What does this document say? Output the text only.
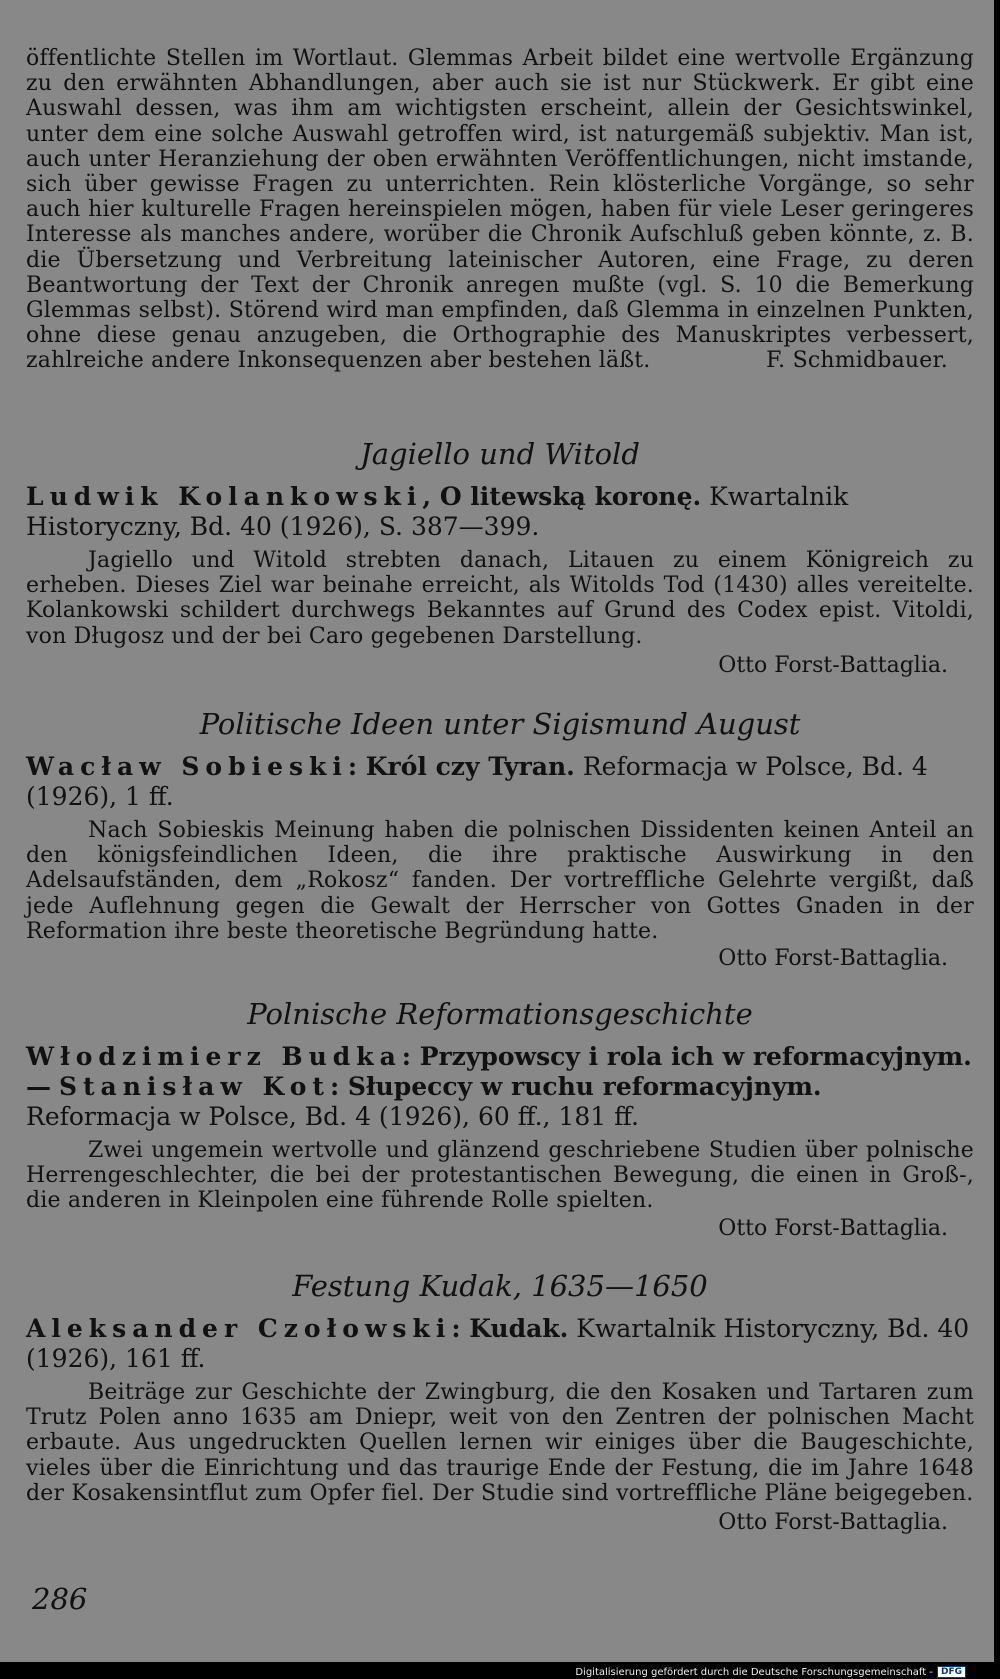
öffentlichte Stellen im Wortlaut. Glemmas Arbeit bildet eine wertvolle Ergänzung zu den erwähnten Abhandlungen, aber auch sie ist nur Stückwerk. Er gibt eine Auswahl dessen, was ihm am wichtigsten erscheint, allein der Gesichtswinkel, unter dem eine solche Auswahl getroffen wird, ist naturgemäß subjektiv. Man ist, auch unter Heranziehung der oben erwähnten Veröffentlichungen, nicht imstande, sich über gewisse Fragen zu unterrichten. Rein klösterliche Vorgänge, so sehr auch hier kulturelle Fragen hereinspielen mögen, haben für viele Leser geringeres Interesse als manches andere, worüber die Chronik Aufschluß geben könnte, z. B. die Übersetzung und Verbreitung lateinischer Autoren, eine Frage, zu deren Beantwortung der Text der Chronik anregen mußte (vgl. S. 10 die Bemerkung Glemmas selbst). Störend wird man empfinden, daß Glemma in einzelnen Punkten, ohne diese genau anzugeben, die Orthographie des Manuskriptes verbessert, zahlreiche andere Inkonsequenzen aber bestehen läßt.	F. Schmidbauer.
Jagiello und Witold
Ludwik Kolankowski, O litewską koronę. Kwartalnik Historyczny, Bd. 40 (1926), S. 387—399.
Jagiello und Witold strebten danach, Litauen zu einem Königreich zu erheben. Dieses Ziel war beinahe erreicht, als Witolds Tod (1430) alles vereitelte. Kolankowski schildert durchwegs Bekanntes auf Grund des Codex epist. Vitoldi, von Długosz und der bei Caro gegebenen Darstellung.
Otto Forst-Battaglia.
Politische Ideen unter Sigismund August
Wacław Sobieski: Król czy Tyran. Reformacja w Polsce, Bd. 4 (1926), 1 ff.
Nach Sobieskis Meinung haben die polnischen Dissidenten keinen Anteil an den königsfeindlichen Ideen, die ihre praktische Auswirkung in den Adelsaufständen, dem „Rokosz“ fanden. Der vortreffliche Gelehrte vergißt, daß jede Auflehnung gegen die Gewalt der Herrscher von Gottes Gnaden in der Reformation ihre beste theoretische Begründung hatte.
Otto Forst-Battaglia.
Polnische Reformationsgeschichte
Włodzimierz Budka: Przypowscy i rola ich w reformacyjnym. — Stanisław Kot: Słupeccy w ruchu reformacyjnym. Reformacja w Polsce, Bd. 4 (1926), 60 ff., 181 ff.
Zwei ungemein wertvolle und glänzend geschriebene Studien über polnische Herrengeschlechter, die bei der protestantischen Bewegung, die einen in Groß-, die anderen in Kleinpolen eine führende Rolle spielten.
Otto Forst-Battaglia.
Festung Kudak, 1635—1650
Aleksander Czołowski: Kudak. Kwartalnik Historyczny, Bd. 40 (1926), 161 ff.
Beiträge zur Geschichte der Zwingburg, die den Kosaken und Tartaren zum Trutz Polen anno 1635 am Dniepr, weit von den Zentren der polnischen Macht erbaute. Aus ungedruckten Quellen lernen wir einiges über die Baugeschichte, vieles über die Einrichtung und das traurige Ende der Festung, die im Jahre 1648 der Kosakensintflut zum Opfer fiel. Der Studie sind vortreffliche Pläne beigegeben.
Otto Forst-Battaglia.
286
Digitalisierung gefördert durch die Deutsche Forschungsgemeinschaft - DFG
